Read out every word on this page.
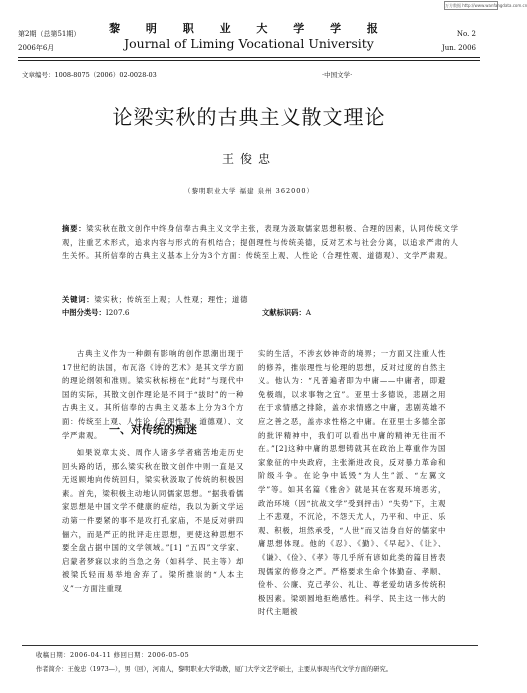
万方数据 http://www.wanfangdata.com.cn
第2期（总第51期）
2006年6月
黎 明 职 业 大 学 学 报
Journal of Liming Vocational University
No. 2
Jun. 2006
文章编号：1008-8075（2006）02-0028-03	·中国文学·
论梁实秋的古典主义散文理论
王俊忠
（黎明职业大学 福建 泉州 362000）
摘要：梁实秋在散文创作中终身信奉古典主义文学主张，表现为汲取儒家思想积极、合理的因素，认同传统文学观，注重艺术形式，追求内容与形式的有机结合；提倡理性与传统美德，反对艺术与社会分离，以追求严肃的人生关怀。其所信奉的古典主义基本上分为3个方面：传统至上观、人性论（合理性观、道德观）、文学严肃观。
关键词：梁实秋；传统至上观；人性观；理性；道德
中图分类号：I207.6	文献标识码：A

古典主义作为一种颇有影响的创作思潮出现于17世纪的法国，布瓦洛《诗的艺术》是其文学方面的理论纲领和准则。梁实秋标榜在“此时”与现代中国的实际，其散文创作理论是不同于“拔时”的一种古典主义。其所信奉的古典主义基本上分为3个方面：传统至上观、人性论（合理性观、道德观）、文学严肃观。 一、对传统的痴迷

如果说章太炎、周作人诸多学者痛苦地走历史回头路的话，那么梁实秋在散文创作中则一直是又无返顾地向传统回归，梁实秋汲取了传统的积极因素。首先，梁积极主动地认同儒家思想。“据我看儒家思想是中国文学不健康的症结，我以为新文学运动第一件要紧的事不是攻打孔家庙，不是反对骈四俪六，而是严正的批评走庄思想，更使这种思想不要全盘占据中国的文学领域。”[1] “五四”文学家、启蒙者梦寐以求的当急之务（如科学、民主等）却被梁氏轻而易举地舍弃了。梁所推崇的“人本主义”一方面注重现

实的生活，不涉玄妙神奇的境界；一方面又注重人性的修养，推崇理性与伦理的思想，反对过度的自然主义。他认为：“凡普遍者即为中庸——中庸者，即避免极端，以求事物之宜”。亚里士多德说，悲剧之用在于求情感之排除，盖亦求情感之中庸，悲剧英雄不应之善之恶，盖亦求性格之中庸。在亚里士多德全部的批评精神中，我们可以看出中庸的精神无往而不在。”[2]这种中庸的思想铸就其在政治上尊重作为国家象征的中央政府，主张渐进改良，反对暴力革命和阶级斗争。在论争中诋毁“为人生”派、“左翼文学”等。如其名篇《雅舍》就是其在客观环境恶劣，政治环境（因“抗战文学”受到抨击）“失势”下，主观上不悲观，不沉沦，不怨天尤人，乃平和、中正、乐观、积极，坦然承受，“人世”而又洁身自好的儒家中庸思想体现。他的《忍》、《勤》、《早起》、《让》、《谦》、《俭》、《孝》等几乎所有谚如此类的篇目皆表现儒家的修身之严。严格要求生命个体勤奋、孝顺、俭朴、公廉、克己孝公、礼让、尊老爱幼诸多传统积极因素。梁颂圆地拒绝感性。科学、民主这一伟大的时代主题被

收稿日期：2006-04-11 修回日期：2006-05-05
作者简介：王俊忠（1973—），男（回），河南人，黎明职业大学助教，厦门大学文艺学硕士，主要从事现当代文学方面的研究。
